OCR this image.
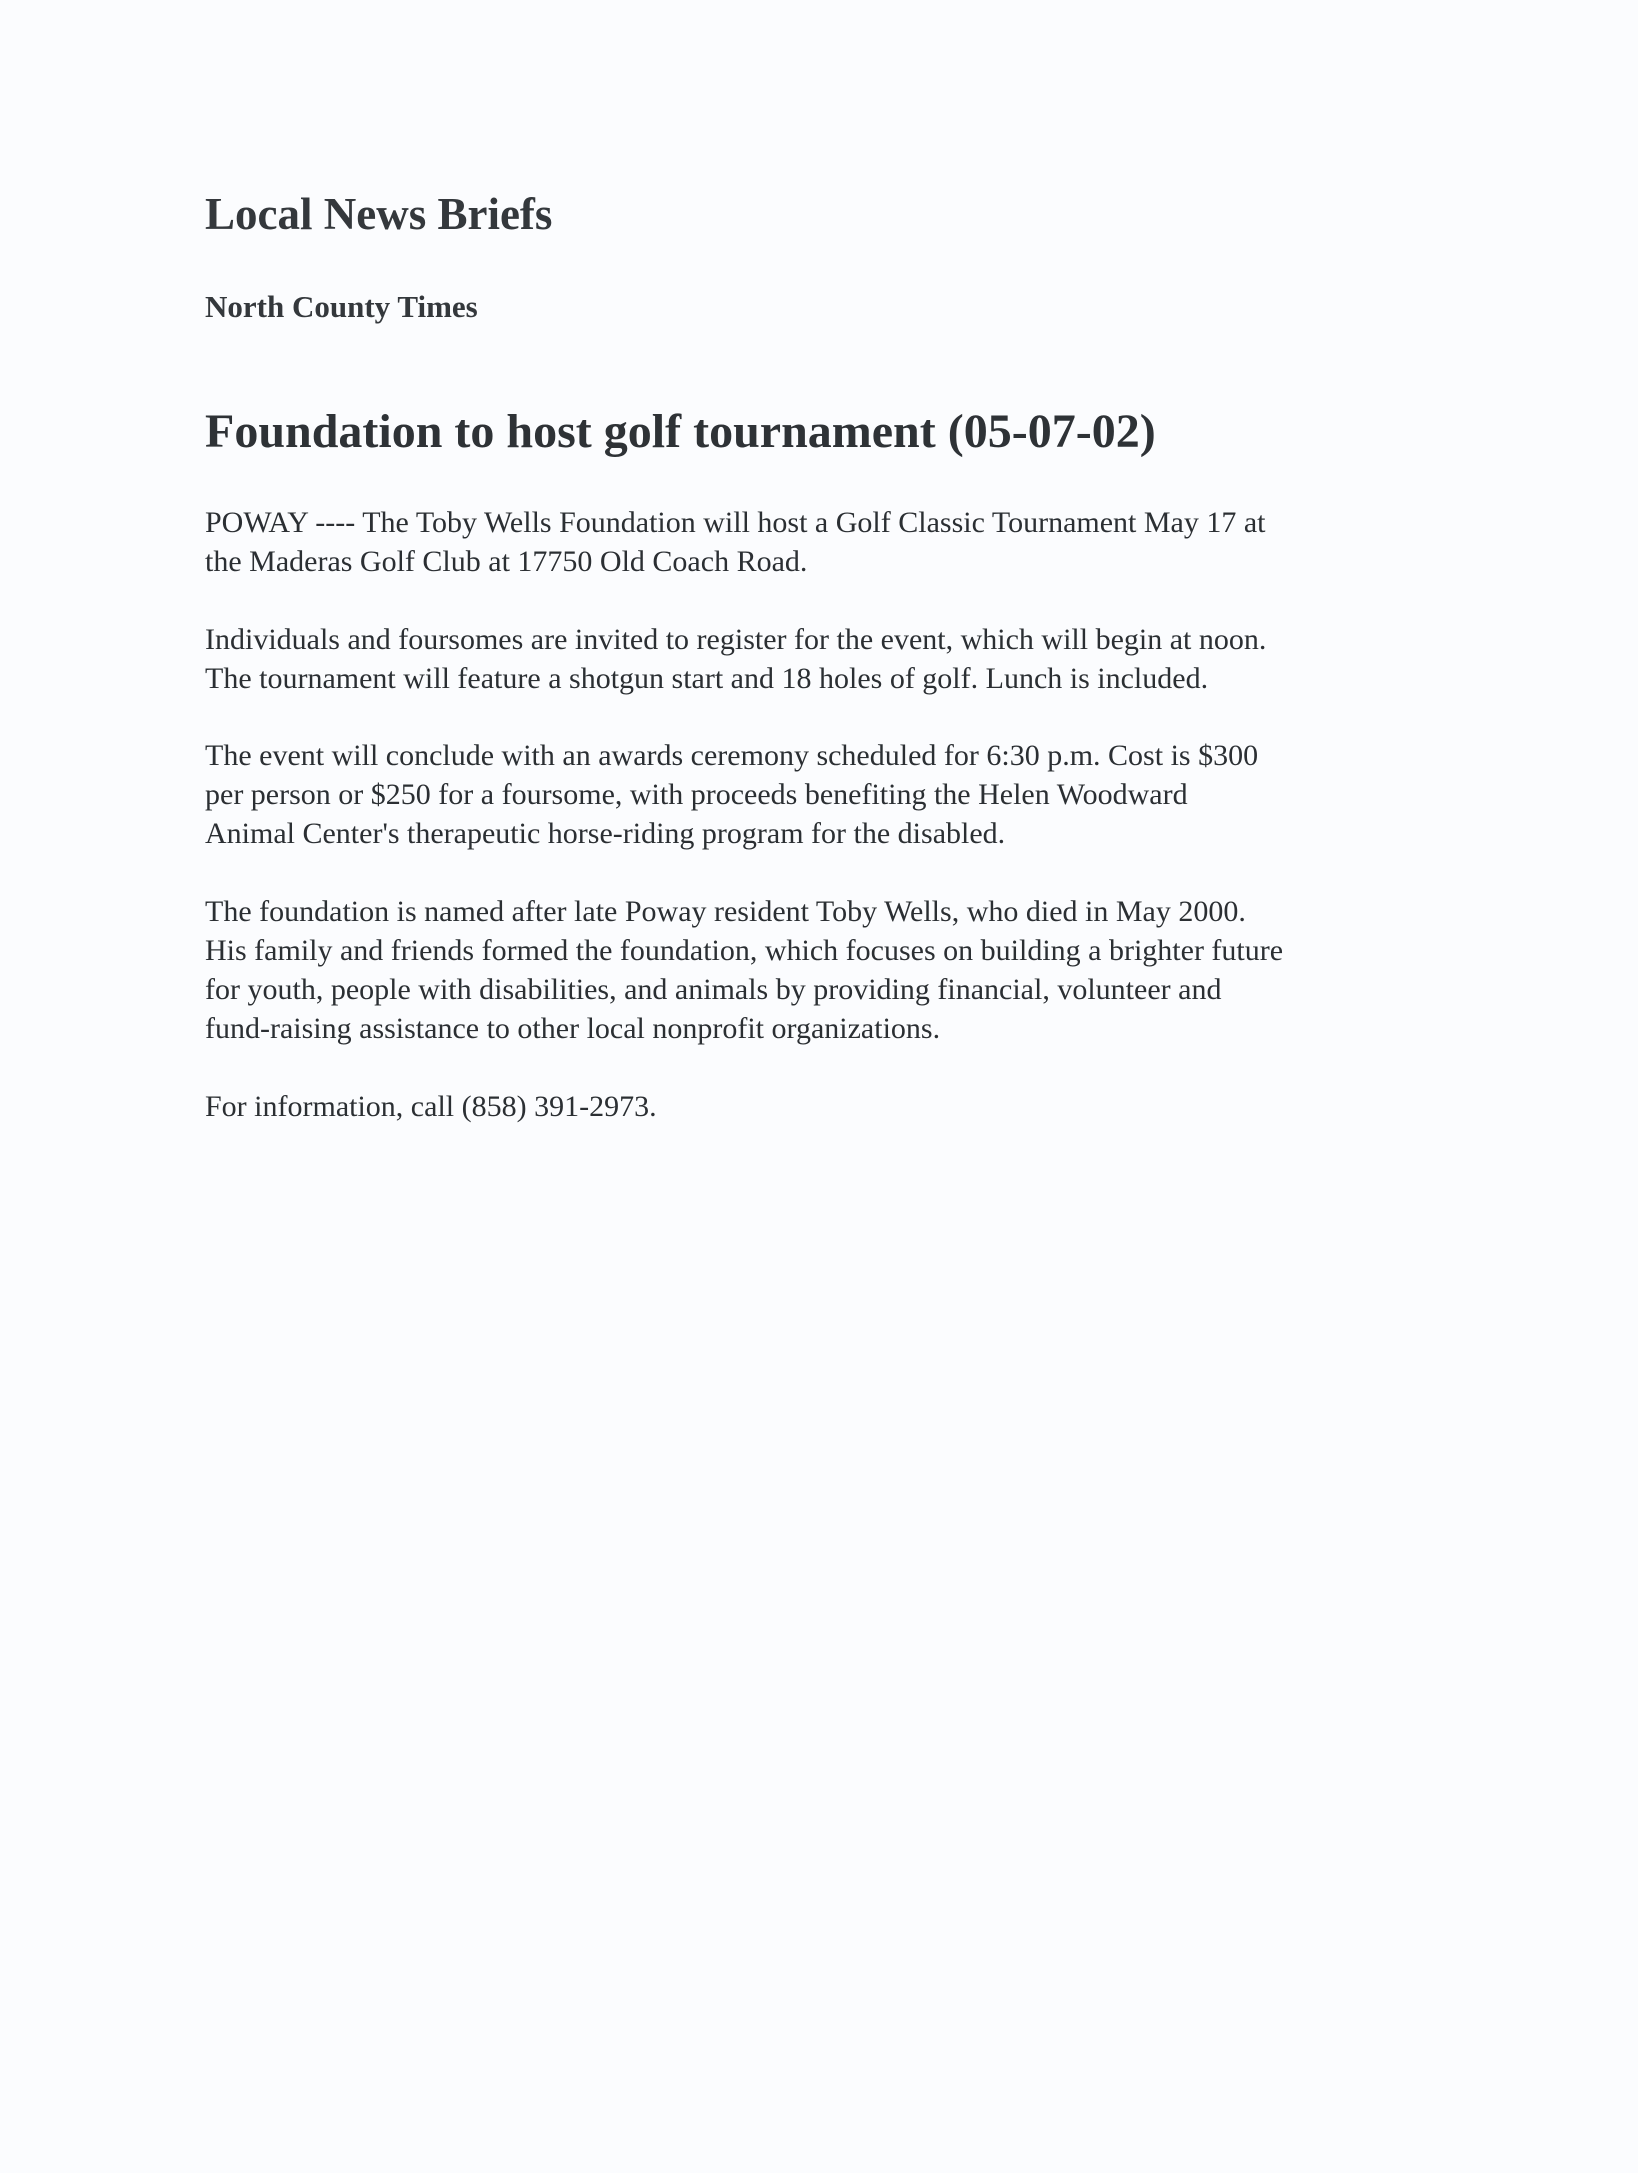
Local News Briefs
North County Times
Foundation to host golf tournament (05-07-02)

POWAY ---- The Toby Wells Foundation will host a Golf Classic Tournament May 17 at
the Maderas Golf Club at 17750 Old Coach Road.

Individuals and foursomes are invited to register for the event, which will begin at noon.
The tournament will feature a shotgun start and 18 holes of golf. Lunch is included.

The event will conclude with an awards ceremony scheduled for 6:30 p.m. Cost is $300
per person or $250 for a foursome, with proceeds benefiting the Helen Woodward
Animal Center's therapeutic horse-riding program for the disabled.

The foundation is named after late Poway resident Toby Wells, who died in May 2000.
His family and friends formed the foundation, which focuses on building a brighter future
for youth, people with disabilities, and animals by providing financial, volunteer and
fund-raising assistance to other local nonprofit organizations.

For information, call (858) 391-2973.
